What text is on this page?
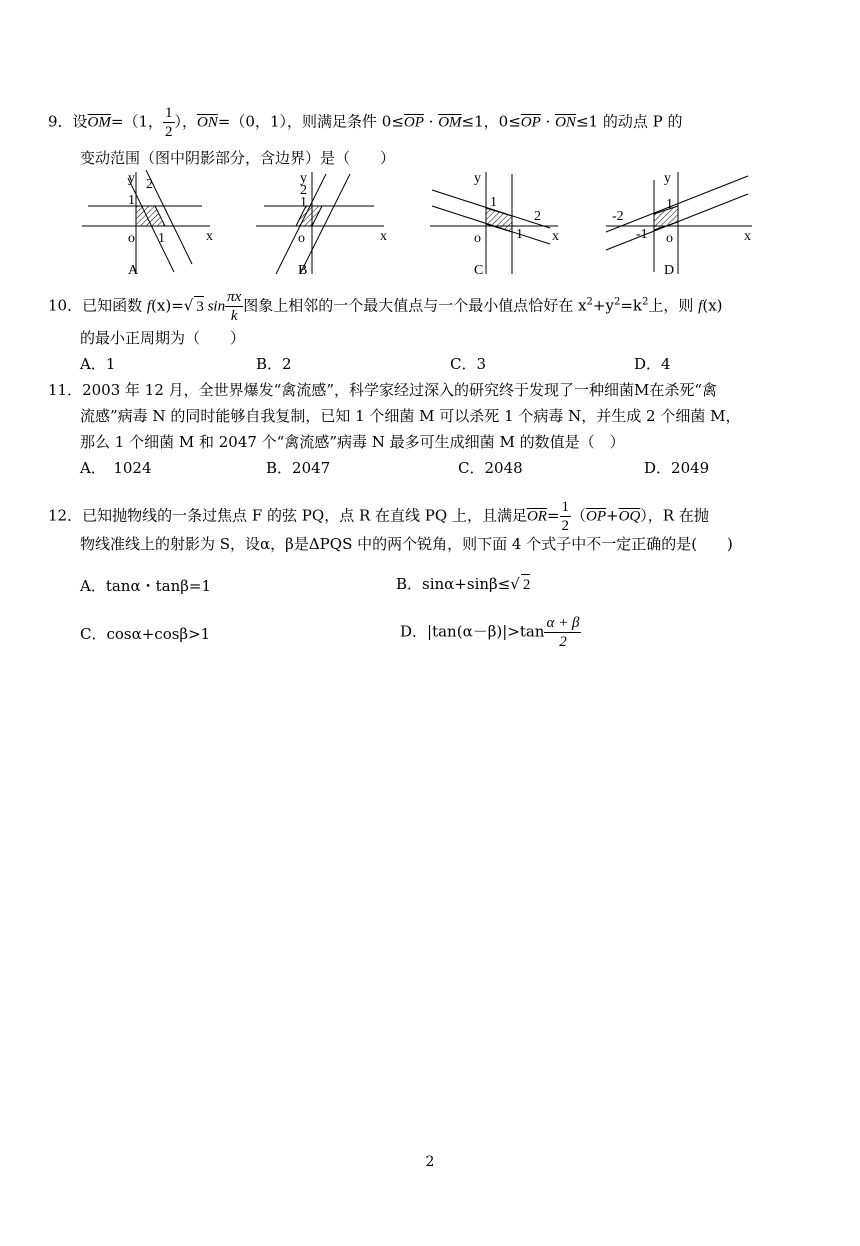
9．设$\overline{OM}=(1$， $\frac{1}{2}$ ），$\overline{ON}=(0$，1），则满足条件 $0\le\overline{OP} \cdot \overline{OM}\le 1$，$0\le\overline{OP} \cdot \overline{ON}\le 1$ 的动点 P 的
变动范围（图中阴影部分，含边界）是（　　）
y 2
1
o 1	x
A
y
2
1
o	x
B
y
1
2
o	1 x
C
y
-2
1
-1 o	x
D
10．已知函数 f(x)=√ 3 $\sin \frac{\pi x}{k}$ 图象上相邻的一个最大值点与一个最小值点恰好在 $x^2+y^2=k^2$上，则 f(x)
的最小正周期为（　　）
A．1	B．2	C．3	D．4
11．2003 年 12 月，全世界爆发“禽流感”，科学家经过深入的研究终于发现了一种细菌M在杀死“禽
流感”病毒 N 的同时能够自我复制，已知 1 个细菌 M 可以杀死 1 个病毒 N，并生成 2 个细菌 M，
那么 1 个细菌 M 和 2047 个“禽流感”病毒 N 最多可生成细菌 M 的数值是（　）
A．　1024	B．2047	C．2048	D．2049
12．已知抛物线的一条过焦点 F 的弦 PQ，点 R 在直线 PQ 上，且满足$\overline{OR}= \frac{1}{2} (\overline{OP}+\overline{OQ})$，R 在抛
物线准线上的射影为 S，设α，β是ΔPQS 中的两个锐角，则下面 4 个式子中不一定正确的是(　　)
A．tanα・tanβ=1	B．sinα+sinβ≤√ 2
C．cosα+cosβ>1	D．$|\tan(\alpha-\beta)|>\tan \frac{\alpha + \beta}{2}$
2
